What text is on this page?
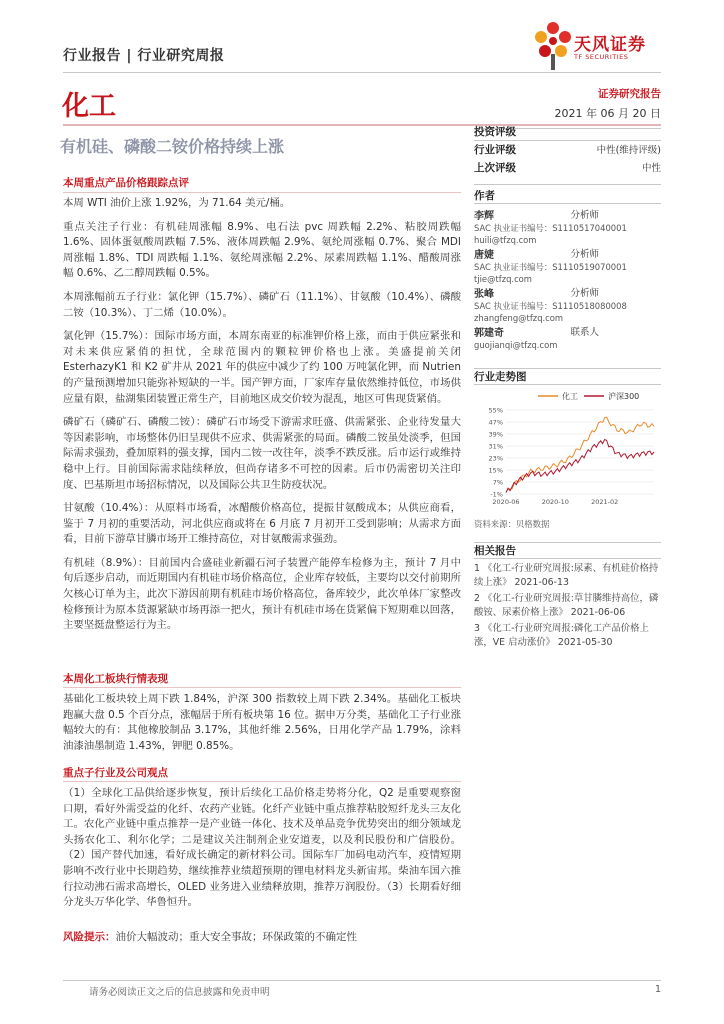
行业报告 | 行业研究周报
天风证券
TF SECURITIES
化工	证券研究报告
2021 年 06 月 20 日
有机硅、磷酸二铵价格持续上涨
本周重点产品价格跟踪点评

本周 WTI 油价上涨 1.92%，为 71.64 美元/桶。

重点关注子行业：有机硅周涨幅 8.9%、电石法 pvc 周跌幅 2.2%、粘胶周跌幅 1.6%、固体蛋氨酸周跌幅 7.5%、液体周跌幅 2.9%、氨纶周涨幅 0.7%、聚合 MDI 周涨幅 1.8%、TDI 周跌幅 1.1%、氨纶周涨幅 2.2%、尿素周跌幅 1.1%、醋酸周涨幅 0.6%、乙二醇周跌幅 0.5%。

本周涨幅前五子行业：氯化钾（15.7%）、磷矿石（11.1%）、甘氨酸（10.4%）、磷酸二铵（10.3%）、丁二烯（10.0%）。

氯化钾（15.7%）：国际市场方面，本周东南亚的标准钾价格上涨，而由于供应紧张和对未来供应紧俏的担忧，全球范围内的颗粒钾价格也上涨。美盛提前关闭 EsterhazyK1 和 K2 矿井从 2021 年的供应中减少了约 100 万吨氯化钾，而 Nutrien 的产量预测增加只能弥补短缺的一半。国产钾方面，厂家库存量依然维持低位，市场供应量有限，盐湖集团装置正常生产，目前地区成交价较为混乱，地区可售现货紧俏。

磷矿石（磷矿石、磷酸二铵）：磷矿石市场受下游需求旺盛、供需紧张、企业待发量大等因素影响，市场整体仍旧呈现供不应求、供需紧张的局面。磷酸二铵虽处淡季，但国际需求强劲，叠加原料的强支撑，国内二铵一改往年，淡季不跌反涨。后市运行或维持稳中上行。目前国际需求陆续释放，但尚存诸多不可控的因素。后市仍需密切关注印度、巴基斯坦市场招标情况，以及国际公共卫生防疫状况。

甘氨酸（10.4%）：从原料市场看，冰醋酸价格高位，提振甘氨酸成本；从供应商看，鉴于 7 月初的重要活动，河北供应商或将在 6 月底 7 月初开工受到影响；从需求方面看，目前下游草甘膦市场开工维持高位，对甘氨酸需求强劲。

有机硅（8.9%）：目前国内合盛硅业新疆石河子装置产能停车检修为主，预计 7 月中旬后逐步启动，而近期国内有机硅市场价格高位，企业库存较低，主要均以交付前期所欠核心订单为主，此次下游因前期有机硅市场价格高位，备库较少，此次单体厂家整改检修预计为原本货源紧缺市场再添一把火，预计有机硅市场在货紧偏下短期难以回落，主要坚挺盘整运行为主。

本周化工板块行情表现
基础化工板块较上周下跌 1.84%，沪深 300 指数较上周下跌 2.34%。基础化工板块跑赢大盘 0.5 个百分点，涨幅居于所有板块第 16 位。据申万分类，基础化工子行业涨幅较大的有：其他橡胶制品 3.17%，其他纤维 2.56%，日用化学产品 1.79%，涂料油漆油墨制造 1.43%，钾肥 0.85%。
重点子行业及公司观点
（1）全球化工品供给逐步恢复，预计后续化工品价格走势将分化，Q2 是重要观察窗口期，看好外需受益的化纤、农药产业链。化纤产业链中重点推荐粘胶短纤龙头三友化工。农化产业链中重点推荐一是产业链一体化、技术及单品竞争优势突出的细分领域龙头扬农化工、利尔化学；二是建议关注制剂企业安道麦，以及利民股份和广信股份。（2）国产替代加速，看好成长确定的新材料公司。国际车厂加码电动汽车，疫情短期影响不改行业中长期趋势，继续推荐业绩超预期的锂电材料龙头新宙邦。柴油车国六推行拉动沸石需求高增长，OLED 业务进入业绩释放期，推荐万润股份。（3）长期看好细分龙头万华化学、华鲁恒升。
风险提示：油价大幅波动；重大安全事故；环保政策的不确定性
投资评级
行业评级	中性(维持评级)
上次评级	中性
作者
李辉	分析师
SAC 执业证书编号：S1110517040001
huili@tfzq.com
唐婕	分析师
SAC 执业证书编号：S1110519070001
tjie@tfzq.com
张峰	分析师
SAC 执业证书编号：S1110518080008
zhangfeng@tfzq.com
郭建奇	联系人
guojianqi@tfzq.com
行业走势图
化工	沪深300
55%
47%
39%
31%
23%
15%
7%
-1%
2020-06	2020-10	2021-02
资料来源：贝格数据
相关报告
1 《化工-行业研究周报:尿素、有机硅价格持续上涨》 2021-06-13
2 《化工-行业研究周报:草甘膦维持高位，磷酸铵、尿素价格上涨》 2021-06-06
3 《化工-行业研究周报:磷化工产品价格上涨，VE 启动涨价》 2021-05-30
请务必阅读正文之后的信息披露和免责申明	1
